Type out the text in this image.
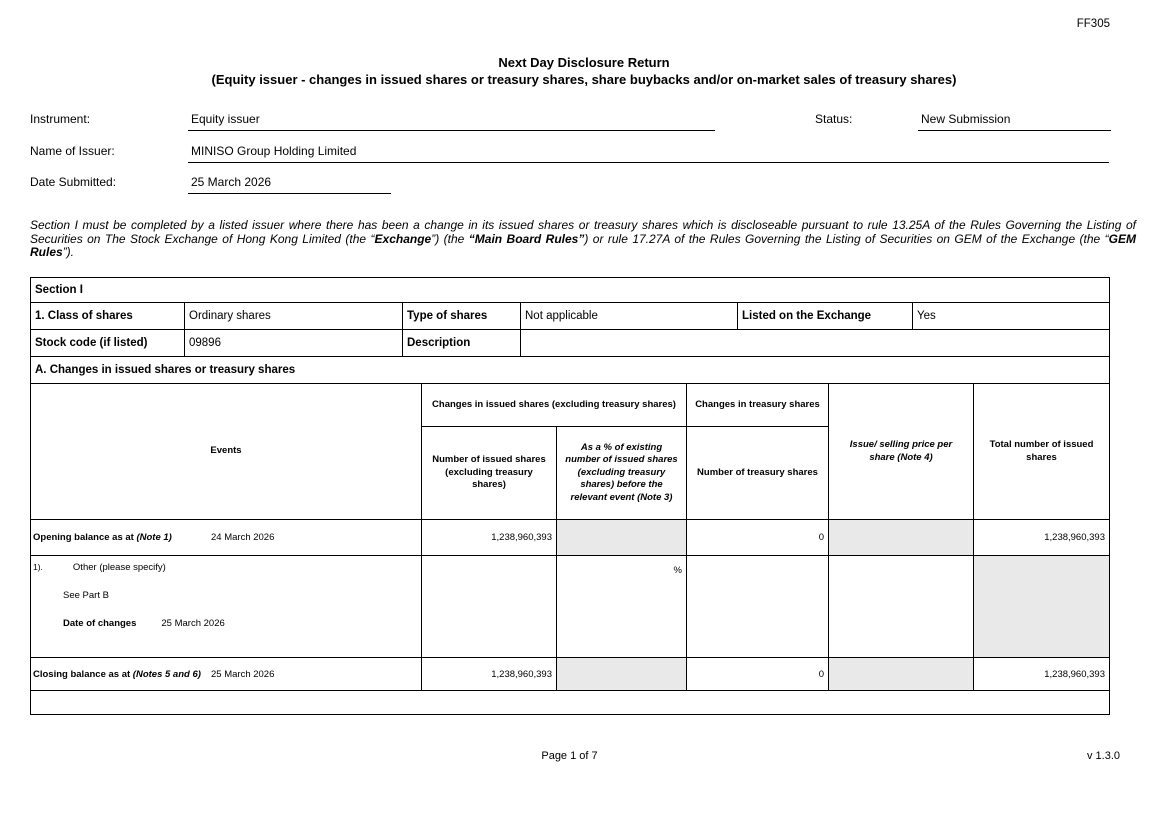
FF305
Next Day Disclosure Return
(Equity issuer - changes in issued shares or treasury shares, share buybacks and/or on-market sales of treasury shares)
Instrument:	Equity issuer	Status:	New Submission
Name of Issuer:	MINISO Group Holding Limited
Date Submitted:	25 March 2026
Section I must be completed by a listed issuer where there has been a change in its issued shares or treasury shares which is discloseable pursuant to rule 13.25A of the Rules Governing the Listing of Securities on The Stock Exchange of Hong Kong Limited (the “Exchange”) (the “Main Board Rules”) or rule 17.27A of the Rules Governing the Listing of Securities on GEM of the Exchange (the “GEM Rules”).
Section I					
1. Class of shares	Ordinary shares	Type of shares	Not applicable	Listed on the Exchange	Yes
Stock code (if listed)	09896	Description			
A. Changes in issued shares or treasury shares					
Events	Changes in issued shares (excluding treasury shares)		Changes in treasury shares	Issue/ selling price per share (Note 4)	Total number of issued shares
	Number of issued shares (excluding treasury shares)	As a % of existing number of issued shares (excluding treasury shares) before the relevant event (Note 3)	Number of treasury shares		
Opening balance as at (Note 1) 24 March 2026	1,238,960,393		0		1,238,960,393

1). Other (please specify)
See Part B
Date of changes 25 March 2026		%			
Closing balance as at (Notes 5 and 6) 25 March 2026	1,238,960,393		0		1,238,960,393

Page 1 of 7	v 1.3.0
